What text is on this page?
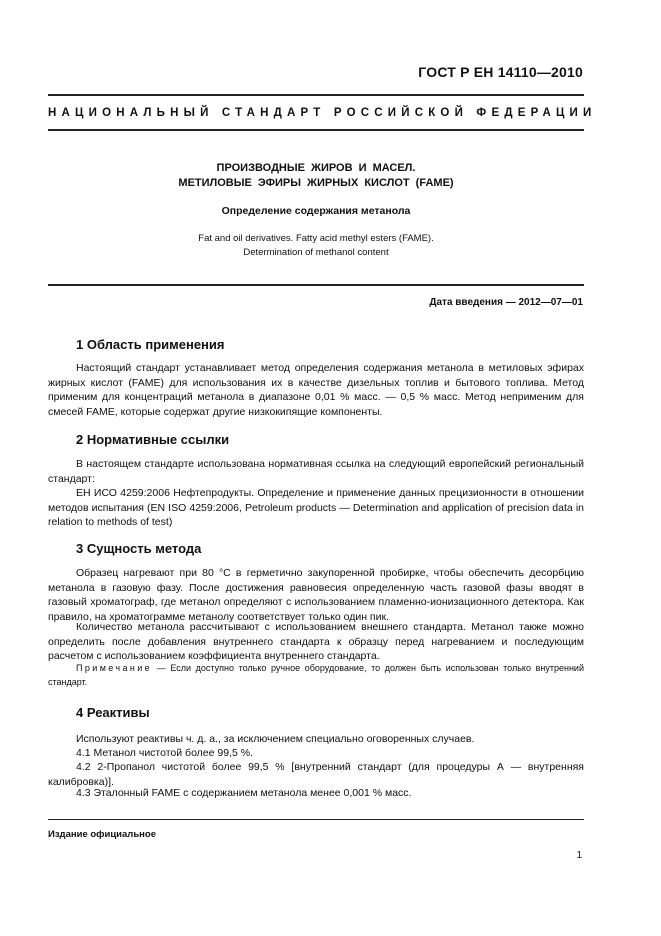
ГОСТ Р ЕН 14110—2010
НАЦИОНАЛЬНЫЙ СТАНДАРТ РОССИЙСКОЙ ФЕДЕРАЦИИ
ПРОИЗВОДНЫЕ ЖИРОВ И МАСЕЛ.
МЕТИЛОВЫЕ ЭФИРЫ ЖИРНЫХ КИСЛОТ (FAME)
Определение содержания метанола
Fat and oil derivatives. Fatty acid methyl esters (FAME).
Determination of methanol content
Дата введения — 2012—07—01
1 Область применения

Настоящий стандарт устанавливает метод определения содержания метанола в метиловых эфирах жирных кислот (FAME) для использования их в качестве дизельных топлив и бытового топлива. Метод применим для концентраций метанола в диапазоне 0,01 % масс. — 0,5 % масс. Метод неприменим для смесей FAME, которые содержат другие низкокипящие компоненты.

2 Нормативные ссылки

В настоящем стандарте использована нормативная ссылка на следующий европейский региональный стандарт:

ЕН ИСО 4259:2006 Нефтепродукты. Определение и применение данных прецизионности в отношении методов испытания (EN ISO 4259:2006, Petroleum products — Determination and application of precision data in relation to methods of test)

3 Сущность метода

Образец нагревают при 80 °С в герметично закупоренной пробирке, чтобы обеспечить десорбцию метанола в газовую фазу. После достижения равновесия определенную часть газовой фазы вводят в газовый хроматограф, где метанол определяют с использованием пламенно-ионизационного детектора. Как правило, на хроматограмме метанолу соответствует только один пик.

Количество метанола рассчитывают с использованием внешнего стандарта. Метанол также можно определить после добавления внутреннего стандарта к образцу перед нагреванием и последующим расчетом с использованием коэффициента внутреннего стандарта.

Примечание — Если доступно только ручное оборудование, то должен быть использован только внутренний стандарт.
4 Реактивы

Используют реактивы ч. д. а., за исключением специально оговоренных случаев.

4.1 Метанол чистотой более 99,5 %.

4.2 2-Пропанол чистотой более 99,5 % [внутренний стандарт (для процедуры А — внутренняя калибровка)].

4.3 Эталонный FAME с содержанием метанола менее 0,001 % масс.

Издание официальное
1
